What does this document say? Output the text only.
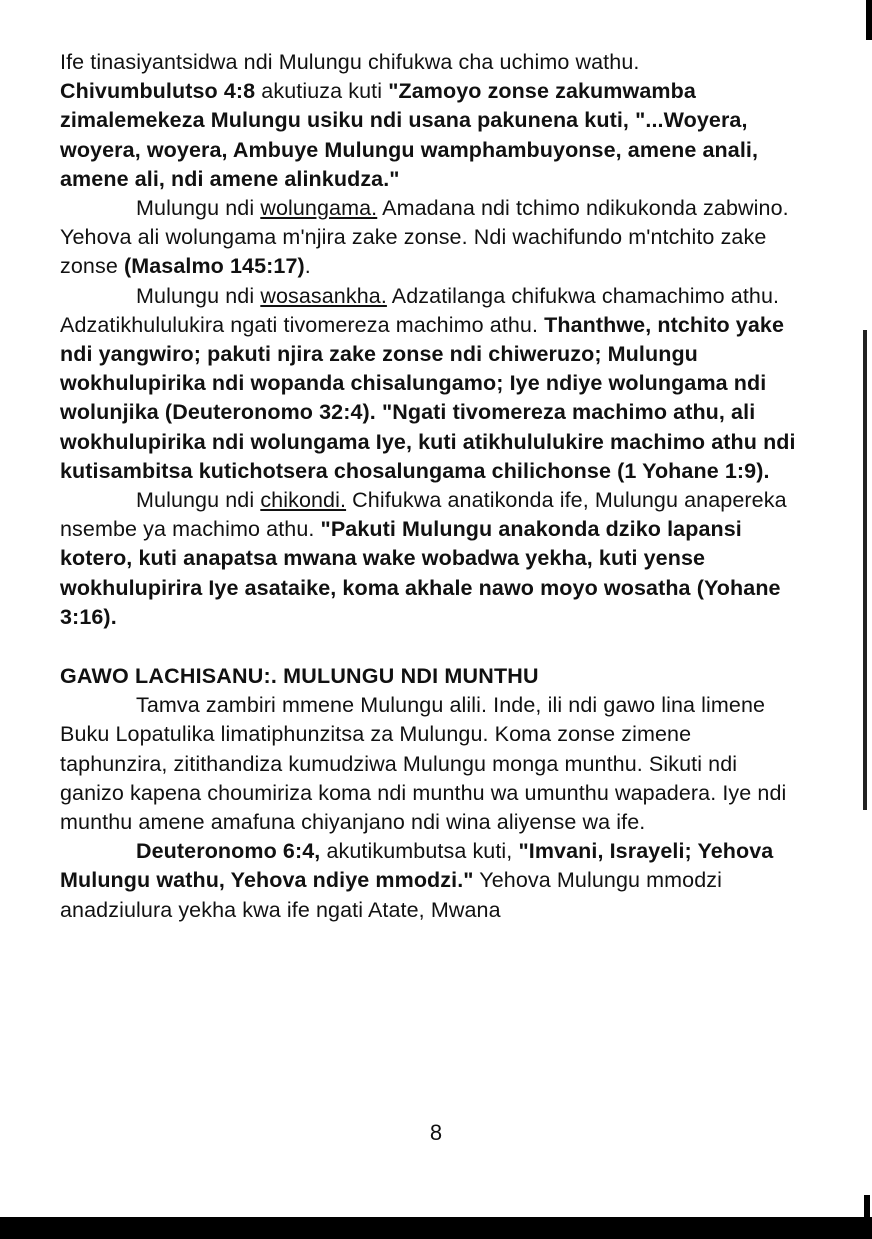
Ife tinasiyantsidwa ndi Mulungu chifukwa cha uchimo wathu. Chivumbulutso 4:8 akutiuza kuti "Zamoyo zonse zakumwamba zimalemekeza Mulungu usiku ndi usana pakunena kuti, "...Woyera, woyera, woyera, Ambuye Mulungu wamphambuyonse, amene anali, amene ali, ndi amene alinkudza."

Mulungu ndi wolungama. Amadana ndi tchimo ndikukonda zabwino. Yehova ali wolungama m'njira zake zonse. Ndi wachifundo m'ntchito zake zonse (Masalmo 145:17).

Mulungu ndi wosasankha. Adzatilanga chifukwa chamachimo athu. Adzatikhululukira ngati tivomereza machimo athu. Thanthwe, ntchito yake ndi yangwiro; pakuti njira zake zonse ndi chiweruzo; Mulungu wokhulupirika ndi wopanda chisalungamo; Iye ndiye wolungama ndi wolunjika (Deuteronomo 32:4). "Ngati tivomereza machimo athu, ali wokhulupirika ndi wolungama Iye, kuti atikhululukire machimo athu ndi kutisambitsa kutichotsera chosalungama chilichonse (1 Yohane 1:9).

Mulungu ndi chikondi. Chifukwa anatikonda ife, Mulungu anapereka nsembe ya machimo athu. "Pakuti Mulungu anakonda dziko lapansi kotero, kuti anapatsa mwana wake wobadwa yekha, kuti yense wokhulupirira Iye asataike, koma akhale nawo moyo wosatha (Yohane 3:16).

GAWO LACHISANU:. MULUNGU NDI MUNTHU

Tamva zambiri mmene Mulungu alili. Inde, ili ndi gawo lina limene Buku Lopatulika limatiphunzitsa za Mulungu. Koma zonse zimene taphunzira, zitithandiza kumudziwa Mulungu monga munthu. Sikuti ndi ganizo kapena choumiriza koma ndi munthu wa umunthu wapadera. Iye ndi munthu amene amafuna chiyanjano ndi wina aliyense wa ife.

Deuteronomo 6:4, akutikumbutsa kuti, "Imvani, Israyeli; Yehova Mulungu wathu, Yehova ndiye mmodzi." Yehova Mulungu mmodzi anadziulura yekha kwa ife ngati Atate, Mwana

8
